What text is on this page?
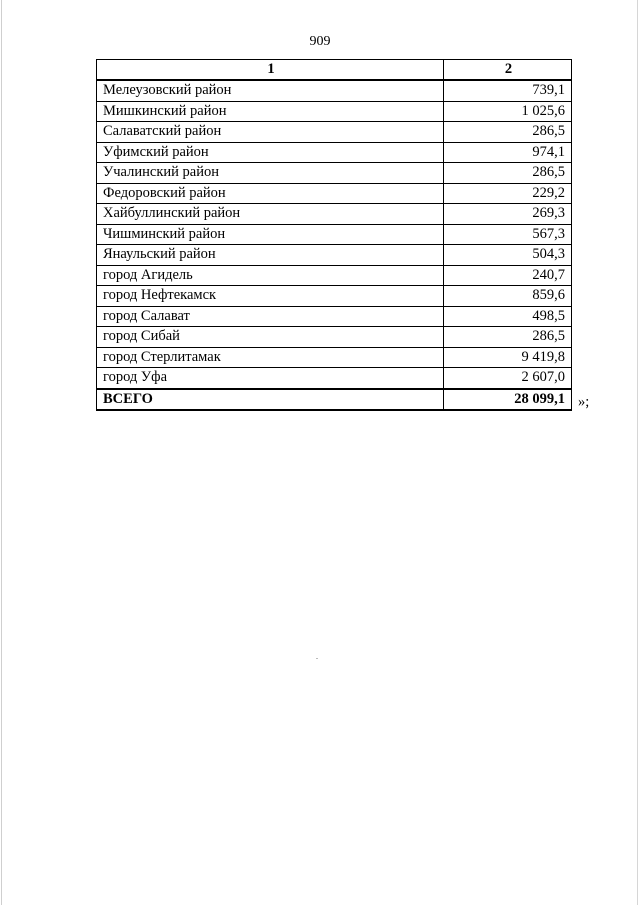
909
1	2
Мелеузовский район	739,1
Мишкинский район	1 025,6
Салаватский район	286,5
Уфимский район	974,1
Учалинский район	286,5
Федоровский район	229,2
Хайбуллинский район	269,3
Чишминский район	567,3
Янаульский район	504,3
город Агидель	240,7
город Нефтекамск	859,6
город Салават	498,5
город Сибай	286,5
город Стерлитамак	9 419,8
город Уфа	2 607,0
ВСЕГО	28 099,1 »;
